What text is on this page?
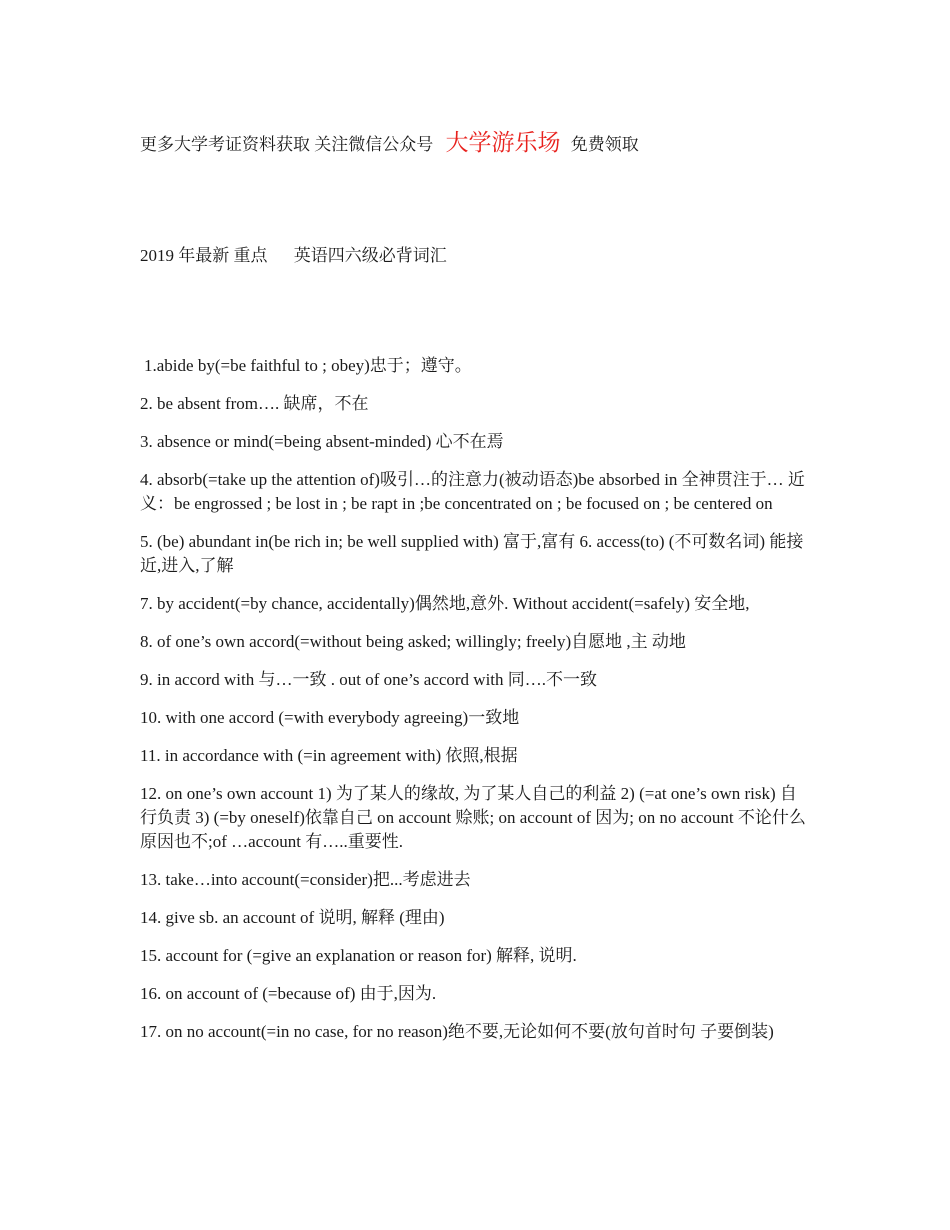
更多大学考证资料获取 关注微信公众号 大学游乐场 免费领取
2019 年最新 重点 英语四六级必背词汇

1.abide by(=be faithful to ; obey)忠于；遵守。

2. be absent from…. 缺席，不在

3. absence or mind(=being absent-minded) 心不在焉

4. absorb(=take up the attention of)吸引…的注意力(被动语态)be absorbed in 全神贯注于… 近义：be engrossed ; be lost in ; be rapt in ;be concentrated on ; be focused on ; be centered on

5. (be) abundant in(be rich in; be well supplied with) 富于,富有 6. access(to) (不可数名词) 能接近,进入,了解

7. by accident(=by chance, accidentally)偶然地,意外. Without accident(=safely) 安全地,

8. of one’s own accord(=without being asked; willingly; freely)自愿地 ,主 动地

9. in accord with 与…一致 . out of one’s accord with 同….不一致

10. with one accord (=with everybody agreeing)一致地

11. in accordance with (=in agreement with) 依照,根据

12. on one’s own account 1) 为了某人的缘故, 为了某人自己的利益 2) (=at one’s own risk) 自行负责 3) (=by oneself)依靠自己 on account 赊账; on account of 因为; on no account 不论什么原因也不;of …account 有…..重要性.

13. take…into account(=consider)把...考虑进去

14. give sb. an account of 说明, 解释 (理由)

15. account for (=give an explanation or reason for) 解释, 说明.

16. on account of (=because of) 由于,因为.

17. on no account(=in no case, for no reason)绝不要,无论如何不要(放句首时句 子要倒装)
